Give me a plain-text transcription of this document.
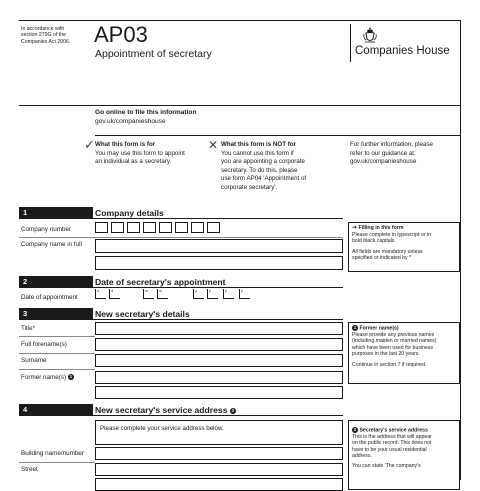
In accordance with
section 279G of the
Companies Act 2006.	AP03
Appointment of secretary	Companies House
Go online to file this information
gov.uk/companieshouse
✓ What this form is for
You may use this form to appoint
an individual as a secretary.
✕ What this form is NOT for
You cannot use this form if
you are appointing a corporate
secretary. To do this, please
use form AP04 'Appointment of
corporate secretary'.
For further information, please
refer to our guidance at:
gov.uk/companieshouse
1	Company details
Company number
Company name in full
➜ Filling in this form
Please complete in typescript or in
bold black capitals.
All fields are mandatory unless
specified or indicated by *
2	Date of secretary's appointment
Date of appointment
d	d	m	m	y	y	y	y
3	New secretary's details
Title*
Full forename(s)
Surname
Former name(s) 1
1 Former name(s)
Please provide any previous names
(including maiden or married names)
which have been used for business
purposes in the last 20 years.
Continue in section 7 if required.
4	New secretary's service address 2
Please complete your service address below.
Building name/number
Street
2 Secretary's service address
This is the address that will appear
on the public record. This does not
have to be your usual residential
address.
You can state 'The company's
